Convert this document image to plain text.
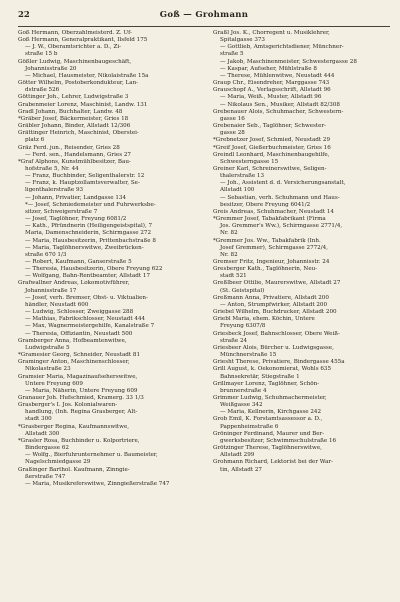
22	Goß — Grohmann
Goß Hermann, Oberzahlmeisterd. Z. Uf-
Goß Hermann, Generalpraktikant, Ilsfeld 175
— J. W., Oberamtsrichter a. D., Zi-
straße 15 b
Gößler Ludwig, Maschinenbaugeschäft,
Johannisstraße 20
— Michael, Hausmeister, Nikolaistraße 15a
Götter Wilhelm, Postoberkondukteur, Lan-
dstraße 526
Göttinger Joh., Lehrer, Ludwigstraße 3
Grabenmeier Lorenz, Maschinist, Landw. 131
Gradl Johann, Buchhalter, Landw. 48
*Gräber Josef, Bäckermeister, Gries 18
Gräbler Johann, Binder, Allstadt 12/306
Grättinger Heinrich, Maschinist, Oberstei-
platz 6
Gräz Ferd. jun., Reisender, Gries 28
— Ferd. sen., Handelsmann, Gries 27
*Graf Alphons, Kunstmühlbesitzer, Bau-
hofstraße 5, Nr. 44
— Franz, Buchbinder, Seligenthalerstr. 12
— Franz, k. Hauptzollamtsverwalter, Se-
ligenthalerstraße 93
— Johann, Privatier, Landgasse 134
*— Josef, Schmiedemeister und Fuhrwerksbe-
sitzer, Schweigerstraße 7
— Josef, Taglöhner, Freyung 6081/2
— Kath., Pfründnerin (Heiligengeistspital), 7
Maria, Damenschneiderin, Schirmgasse 272
— Maria, Hausbesitzerin, Prittenbachstraße 8
— Maria, Taglöhnerswitwe, Zweibrücken-
straße 670 1/3
— Robert, Kaufmann, Ganserstraße 5
— Theresia, Hausbesitzerin, Obere Freyung 622
— Wolfgang, Bahn-Rentbeamter, Allstadt 17
Grafwallner Andreas, Lokomotivführer,
Johannisstraße 17
— Josef, verh. Bremser, Obst- u. Viktualien-
händler, Neustadt 600
— Ludwig, Schlosser, Zweiggasse 288
— Mathias, Fabrikschlosser, Neustadt 444
— Max, Wagnermeistergehilfe, Kanalstraße 7
— Theresia, Offiziantin, Neustadt 500
Gramberger Anna, Hofbeamtenwitwe,
Ludwigstraße 5
*Gramesier Georg, Schneider, Neustadt 81
Graminger Anton, Maschinenschlosser,
Nikolastraße 23
Gramsier Maria, Magazinaufseherswitwe,
Untere Freyung 609
— Maria, Näherin, Untere Freyung 609
Granauer Joh. Hufschmied, Kramerg. 33 1/3
Grasberger's I. Jos. Kolonialwaren-
handlung, (Inh. Regina Grasberger, Alt-
stadt 300
*Grasberger Regina, Kaufmannswitwe,
Allstadt 300
*Grasler Rosa, Buchbinder u. Kolportriere,
Bindergasse 62
— Wolfg., Bierfuhrunternehmer u. Baumeister,
Nagelschmiedgasse 29
Graßinger Barthol. Kaufmann, Zinngie-
ßerstraße 747
— Maria, Musikreferswitwe, Zinngießerstraße 747
Graßl Jos. K., Chorregent u. Musiklehrer,
Spitalgasse 373
— Gottlieb, Amtsgerichtsdiener, Münchner-
straße 5
— Jakob, Maschinenmeister, Schwestergasse 28
— Kaspar, Aufseher, Mühlstraße 8
— Therese, Mühlenwitwe, Neustadt 444
Graup Chr., Eisendreher, Marggasse 743
Grauschopf A., Verlagsschrift, Allstadt 96
— Maria, Weiß., Muster, Allstadt 96
— Nikolaus Sen., Musiker, Allstadt 82/308
Grebenauer Alois, Schuhmacher, Schwestern-
gasse 16
Grebenaier Seb., Taglöhner, Schwester-
gasse 28
*Grebnetzer Josef, Schmied, Neustadt 29
*Greif Josef, Gießerbuchmeister, Gries 16
Greindl Leonhard, Maschinenbaugehilfe,
Schwesterngasse 15
Greiner Karl, Schreinerswitwe, Seligen-
thalerstraße 13
— Joh., Assistent d. d. Versicherungsanstalt,
Allstadt 100
— Sebastian, verh. Schuhmann und Haus-
besitzer, Obere Freyung 6041/2
Greis Andreas, Schuhmacher, Neustadt 14
*Gremmer Josef, Tabakfabrikant (Firma
Jos. Gremmer's Ww.), Schirmgasse 2771/4,
Nr. 82
*Gremmer Jos. Ww., Tabakfabrik (Inh.
Josef Gremmer), Schirmgasse 2772/4,
Nr. 82
Gremser Fritz, Ingenieur, Johannisstr. 24
Gresberger Kath., Taglöhnerin, Neu-
stadt 521
Greßlbeer Ottilie, Maurerswitwe, Allstadt 27
(St. Geistspital)
Greßmann Anna, Privatiere, Allstadt 200
— Anton, Strumpfwirker, Allstadt 200
Griebel Wilhelm, Buchdrucker, Allstadt 200
Griebl Maria, ehem. Köchin, Untere
Freyung 6307/8
Griesbeck Josef, Bahnschlosser, Obere Weiß-
straße 24
Griesbeer Alois, Bürcher u. Ludwigsgasse,
Münchnerstraße 15
Griesht Therese, Privatiere, Bindergasse 455a
Grill August, k. Oekonomierat, Wohls 635
Bahnsekretär, Stiegstraße 1
Grillmayer Lorenz, Taglöhner, Schön-
brunnerstraße 4
Grimmer Ludwig, Schuhmachermeister,
Weißgasse 342
— Maria, Kellnerin, Kirchgasse 242
Grob Emil, K. Forstamtsassessor a. D.,
Pappenheimstraße 6
Gröninger Ferdinand, Maurer und Ber-
gwerksbesitzer, Schwimmschulstraße 16
Grötzinger Therese, Taglöhnerswitwe,
Allstadt 299
Grohmann Richard, Lektorist bei der War-
tin, Allstadt 27
